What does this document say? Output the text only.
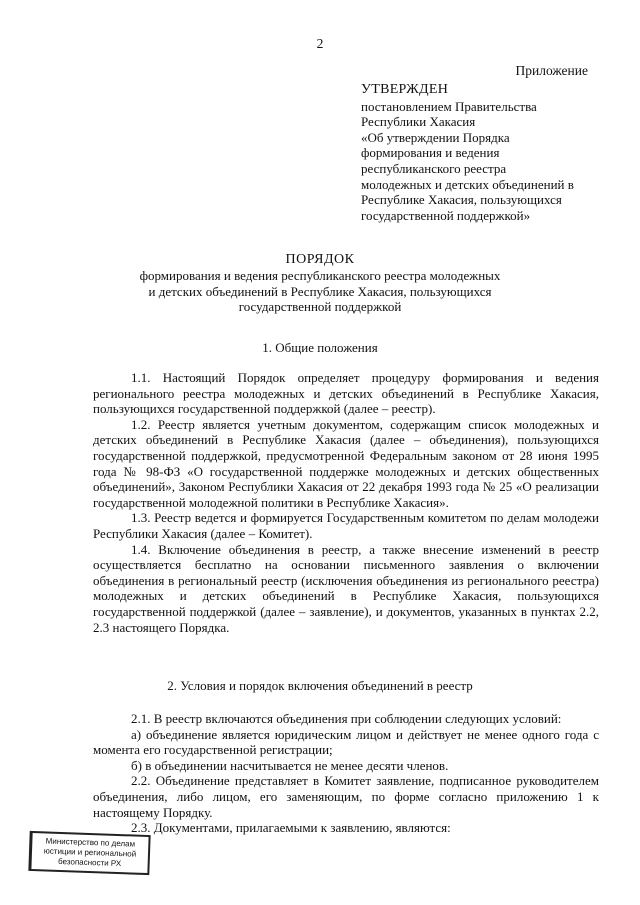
2
Приложение
УТВЕРЖДЕН
постановлением Правительства
Республики Хакасия
«Об утверждении Порядка
формирования и ведения
республиканского реестра
молодежных и детских объединений в
Республике Хакасия, пользующихся
государственной поддержкой»
ПОРЯДОК
формирования и ведения республиканского реестра молодежных
и детских объединений в Республике Хакасия, пользующихся
государственной поддержкой
1. Общие положения

1.1. Настоящий Порядок определяет процедуру формирования и ведения регионального реестра молодежных и детских объединений в Республике Хакасия, пользующихся государственной поддержкой (далее – реестр).

1.2. Реестр является учетным документом, содержащим список молодежных и детских объединений в Республике Хакасия (далее – объединения), пользующихся государственной поддержкой, предусмотренной Федеральным законом от 28 июня 1995 года № 98-ФЗ «О государственной поддержке молодежных и детских общественных объединений», Законом Республики Хакасия от 22 декабря 1993 года № 25 «О реализации государственной молодежной политики в Республике Хакасия».

1.3. Реестр ведется и формируется Государственным комитетом по делам молодежи Республики Хакасия (далее – Комитет).

1.4. Включение объединения в реестр, а также внесение изменений в реестр осуществляется бесплатно на основании письменного заявления о включении объединения в региональный реестр (исключения объединения из регионального реестра) молодежных и детских объединений в Республике Хакасия, пользующихся государственной поддержкой (далее – заявление), и документов, указанных в пунктах 2.2, 2.3 настоящего Порядка.

2. Условия и порядок включения объединений в реестр

2.1. В реестр включаются объединения при соблюдении следующих условий:

а) объединение является юридическим лицом и действует не менее одного года с момента его государственной регистрации;

б) в объединении насчитывается не менее десяти членов.

2.2. Объединение представляет в Комитет заявление, подписанное руководителем объединения, либо лицом, его заменяющим, по форме согласно приложению 1 к настоящему Порядку.

2.3. Документами, прилагаемыми к заявлению, являются:

Министерство по делам
юстиции и региональной
безопасности РХ
